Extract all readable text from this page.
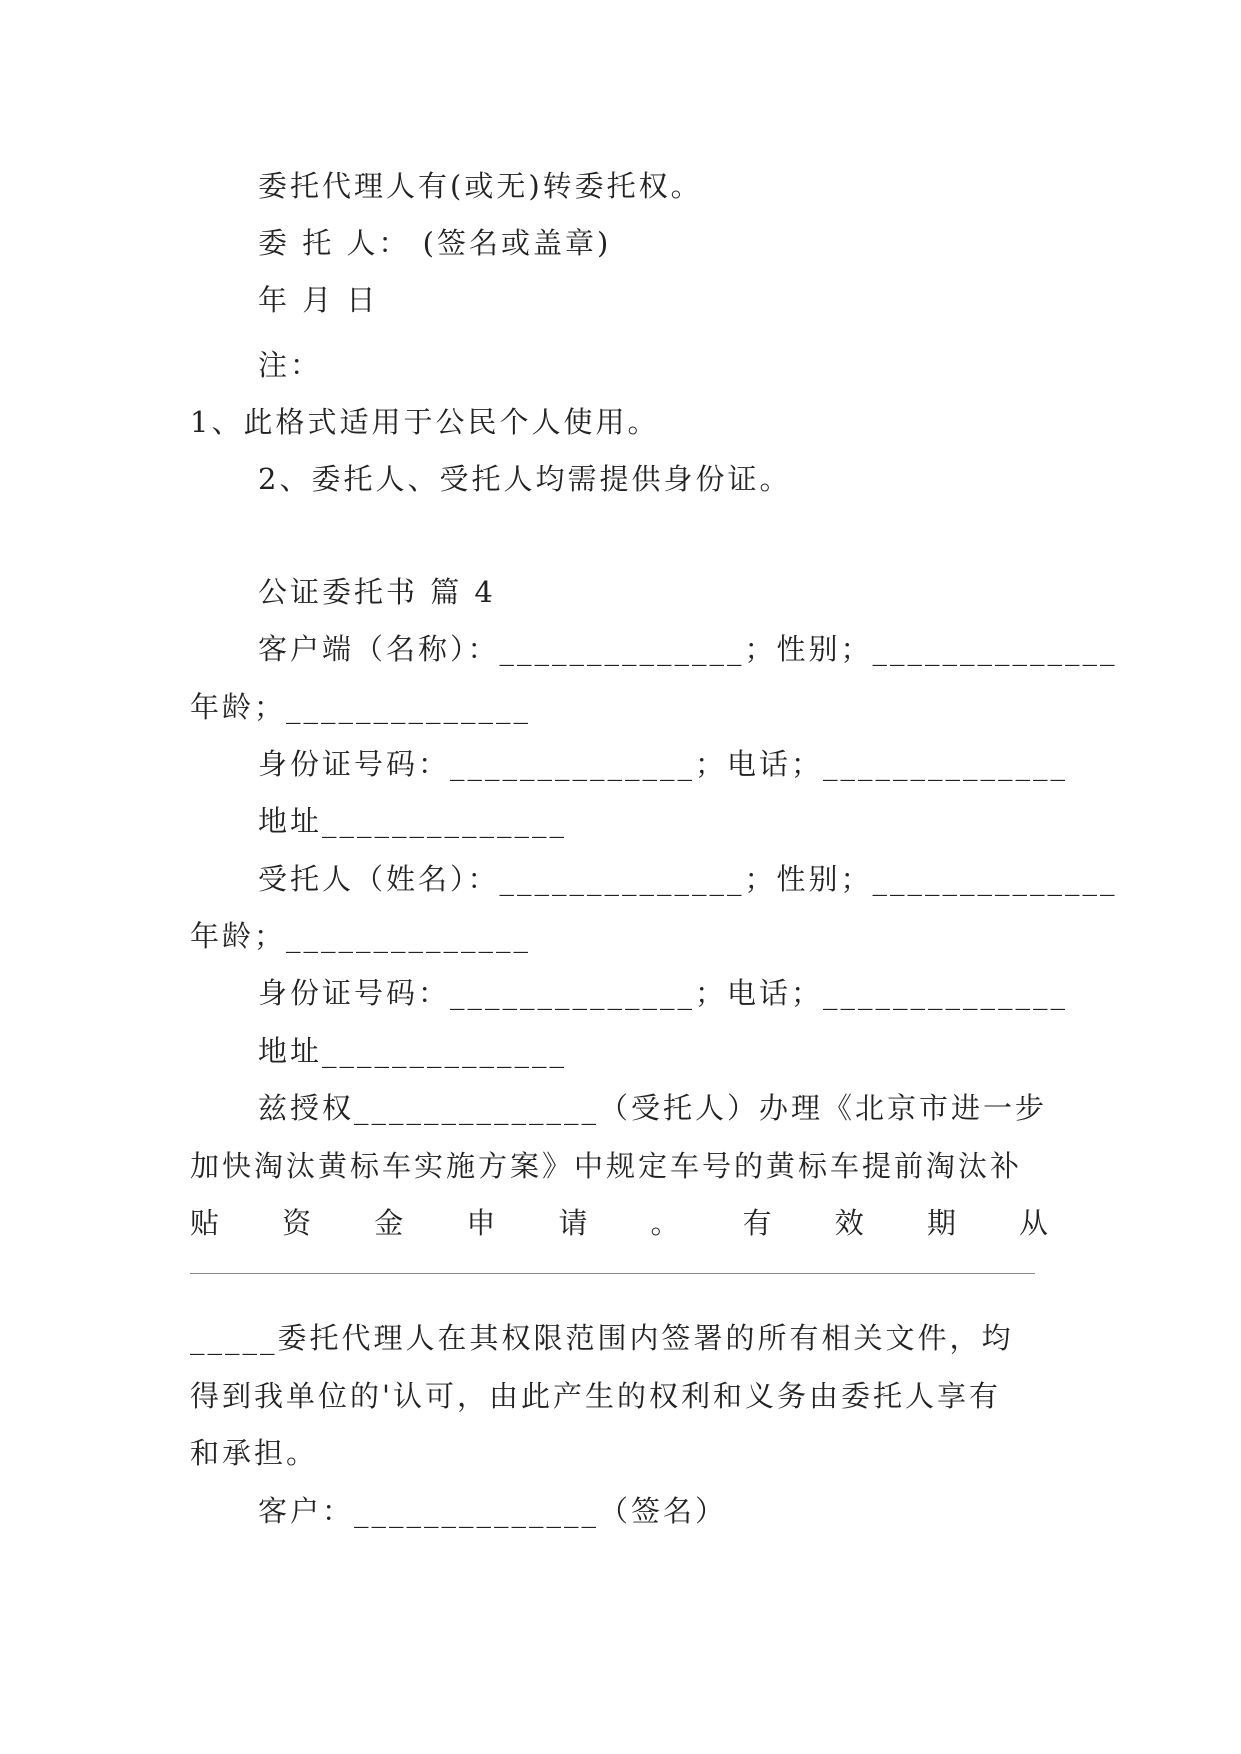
委托代理人有(或无)转委托权。
委 托 人： (签名或盖章)
年 月 日
注：
1、此格式适用于公民个人使用。
2、委托人、受托人均需提供身份证。
公证委托书 篇 4
客户端（名称）：______________；性别；______________
年龄；______________
身份证号码：______________；电话；______________
地址______________
受托人（姓名）：______________；性别；______________
年龄；______________
身份证号码：______________；电话；______________
地址______________
兹授权______________（受托人）办理《北京市进一步
加快淘汰黄标车实施方案》中规定车号的黄标车提前淘汰补
贴 资 金 申 请 。 有 效 期 从
_____委托代理人在其权限范围内签署的所有相关文件，均
得到我单位的'认可，由此产生的权利和义务由委托人享有
和承担。
客户：______________（签名）
